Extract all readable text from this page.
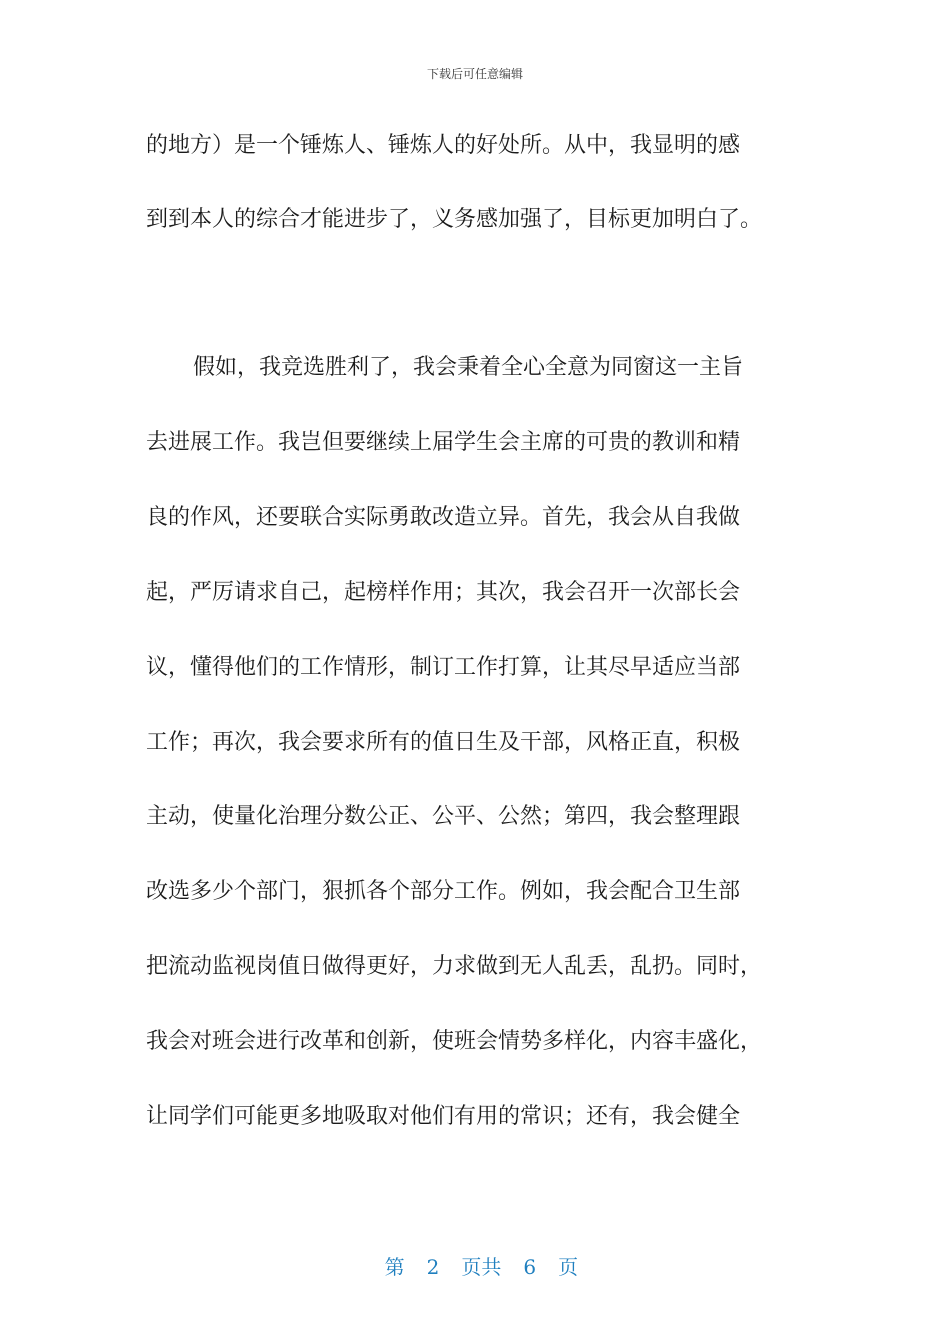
下载后可任意编辑
的地方）是一个锤炼人、锤炼人的好处所。从中，我显明的感
到到本人的综合才能进步了，义务感加强了，目标更加明白了。
假如，我竞选胜利了，我会秉着全心全意为同窗这一主旨
去进展工作。我岂但要继续上届学生会主席的可贵的教训和精
良的作风，还要联合实际勇敢改造立异。首先，我会从自我做
起，严厉请求自己，起榜样作用；其次，我会召开一次部长会
议，懂得他们的工作情形，制订工作打算，让其尽早适应当部
工作；再次，我会要求所有的值日生及干部，风格正直，积极
主动，使量化治理分数公正、公平、公然；第四，我会整理跟
改选多少个部门，狠抓各个部分工作。例如，我会配合卫生部
把流动监视岗值日做得更好，力求做到无人乱丢，乱扔。同时，
我会对班会进行改革和创新，使班会情势多样化，内容丰盛化，
让同学们可能更多地吸取对他们有用的常识；还有，我会健全

第 2 页共 6 页
